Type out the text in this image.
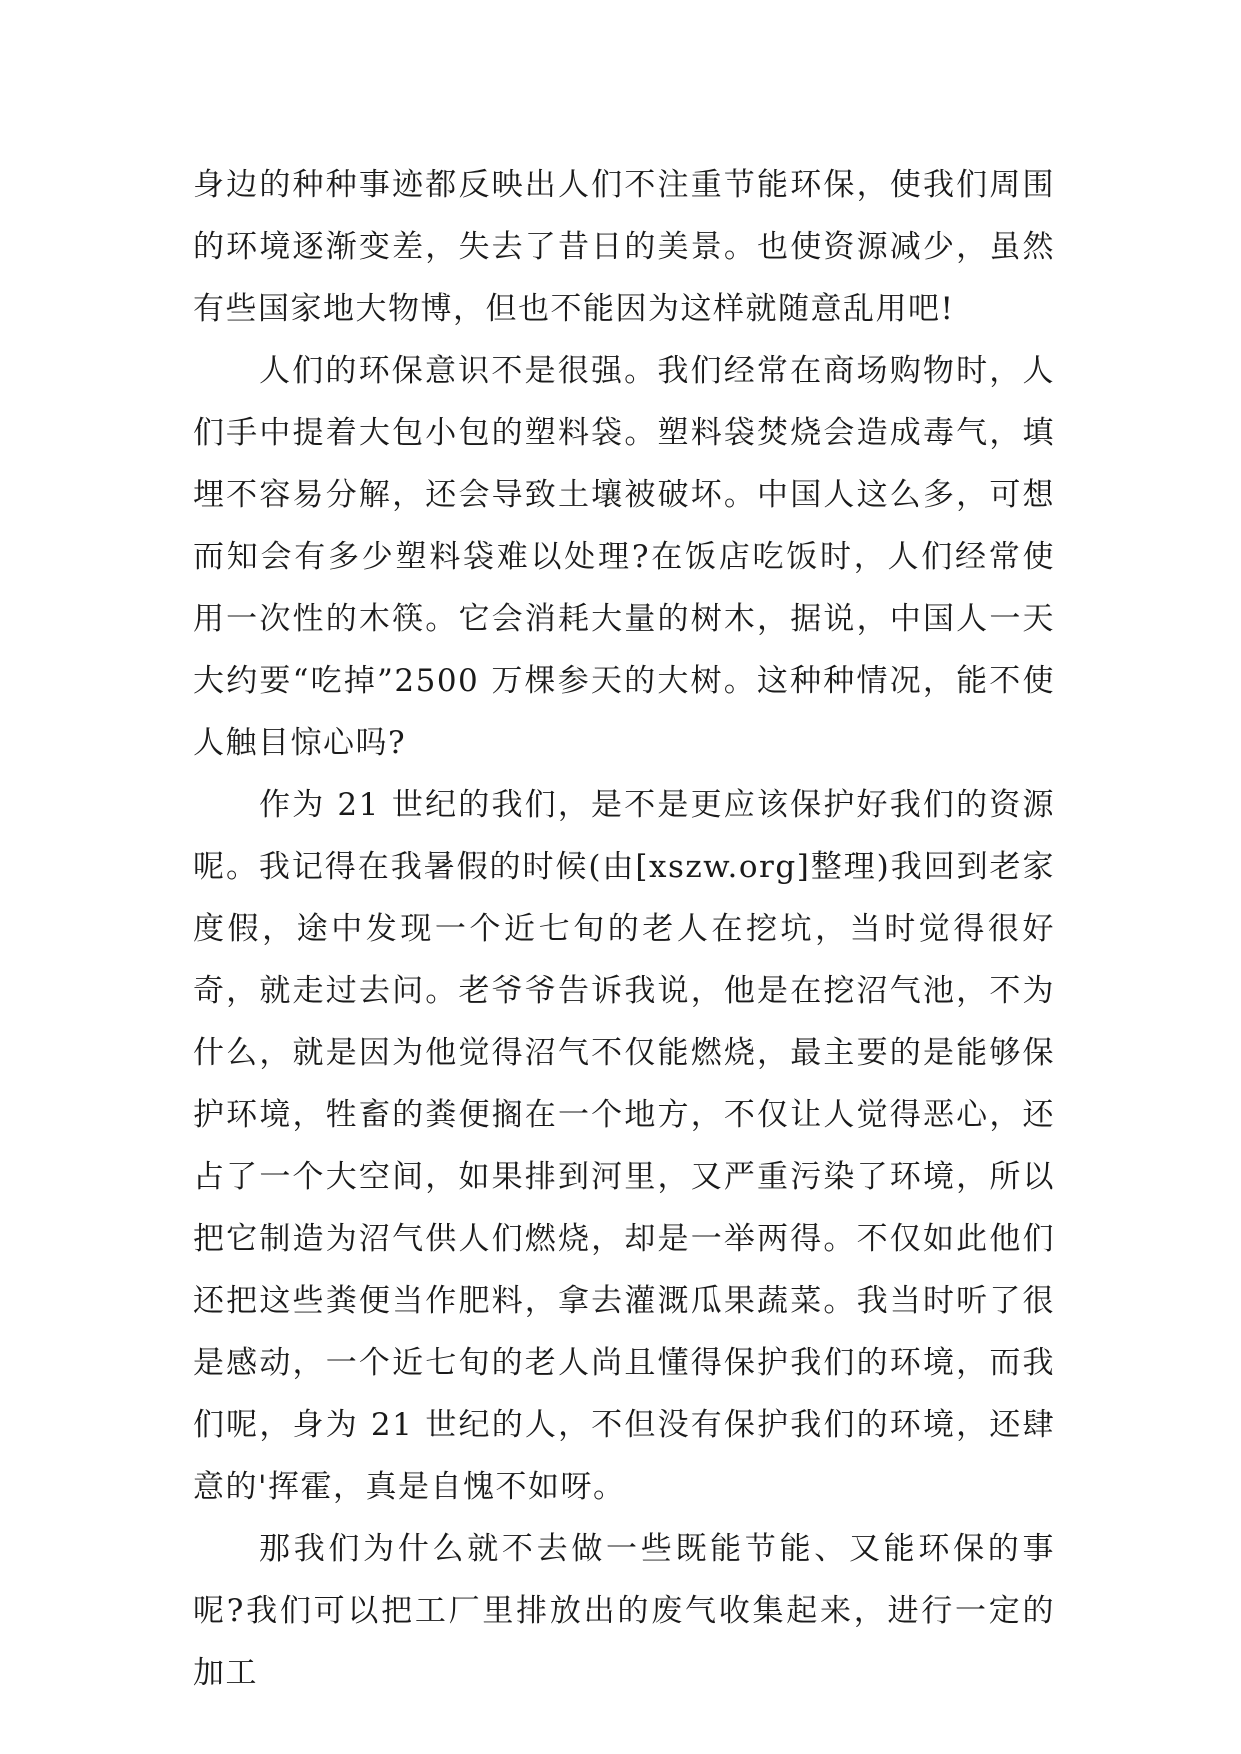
身边的种种事迹都反映出人们不注重节能环保，使我们周围的环境逐渐变差，失去了昔日的美景。也使资源减少，虽然有些国家地大物博，但也不能因为这样就随意乱用吧!

人们的环保意识不是很强。我们经常在商场购物时，人们手中提着大包小包的塑料袋。塑料袋焚烧会造成毒气，填埋不容易分解，还会导致土壤被破坏。中国人这么多，可想而知会有多少塑料袋难以处理?在饭店吃饭时，人们经常使用一次性的木筷。它会消耗大量的树木，据说，中国人一天大约要“吃掉”2500 万棵参天的大树。这种种情况，能不使人触目惊心吗?

作为 21 世纪的我们，是不是更应该保护好我们的资源呢。我记得在我暑假的时候(由[xszw.org]整理)我回到老家度假，途中发现一个近七旬的老人在挖坑，当时觉得很好奇，就走过去问。老爷爷告诉我说，他是在挖沼气池，不为什么，就是因为他觉得沼气不仅能燃烧，最主要的是能够保护环境，牲畜的粪便搁在一个地方，不仅让人觉得恶心，还占了一个大空间，如果排到河里，又严重污染了环境，所以把它制造为沼气供人们燃烧，却是一举两得。不仅如此他们还把这些粪便当作肥料，拿去灌溉瓜果蔬菜。我当时听了很是感动，一个近七旬的老人尚且懂得保护我们的环境，而我们呢，身为 21 世纪的人，不但没有保护我们的环境，还肆意的'挥霍，真是自愧不如呀。

那我们为什么就不去做一些既能节能、又能环保的事呢?我们可以把工厂里排放出的废气收集起来，进行一定的加工
